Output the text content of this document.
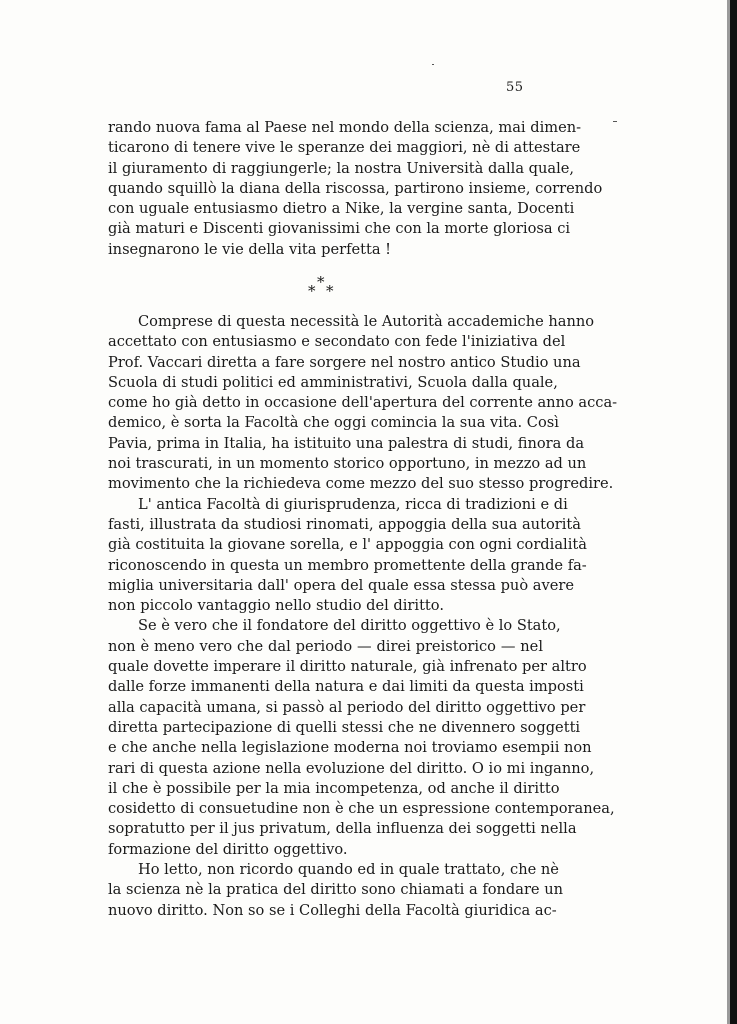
55
rando nuova fama al Paese nel mondo della scienza, mai dimen-
ticarono di tenere vive le speranze dei maggiori, nè di attestare
il giuramento di raggiungerle; la nostra Università dalla quale,
quando squillò la diana della riscossa, partirono insieme, correndo
con uguale entusiasmo dietro a Nike, la vergine santa, Docenti
già maturi e Discenti giovanissimi che con la morte gloriosa ci
insegnarono le vie della vita perfetta !
*
* *
Comprese di questa necessità le Autorità accademiche hanno
accettato con entusiasmo e secondato con fede l'iniziativa del
Prof. Vaccari diretta a fare sorgere nel nostro antico Studio una
Scuola di studi politici ed amministrativi, Scuola dalla quale,
come ho già detto in occasione dell'apertura del corrente anno acca-
demico, è sorta la Facoltà che oggi comincia la sua vita. Così
Pavia, prima in Italia, ha istituito una palestra di studi, finora da
noi trascurati, in un momento storico opportuno, in mezzo ad un
movimento che la richiedeva come mezzo del suo stesso progredire.
L' antica Facoltà di giurisprudenza, ricca di tradizioni e di
fasti, illustrata da studiosi rinomati, appoggia della sua autorità
già costituita la giovane sorella, e l' appoggia con ogni cordialità
riconoscendo in questa un membro promettente della grande fa-
miglia universitaria dall' opera del quale essa stessa può avere
non piccolo vantaggio nello studio del diritto.
Se è vero che il fondatore del diritto oggettivo è lo Stato,
non è meno vero che dal periodo — direi preistorico — nel
quale dovette imperare il diritto naturale, già infrenato per altro
dalle forze immanenti della natura e dai limiti da questa imposti
alla capacità umana, si passò al periodo del diritto oggettivo per
diretta partecipazione di quelli stessi che ne divennero soggetti
e che anche nella legislazione moderna noi troviamo esempii non
rari di questa azione nella evoluzione del diritto. O io mi inganno,
il che è possibile per la mia incompetenza, od anche il diritto
cosidetto di consuetudine non è che un espressione contemporanea,
sopratutto per il jus privatum, della influenza dei soggetti nella
formazione del diritto oggettivo.
Ho letto, non ricordo quando ed in quale trattato, che nè
la scienza nè la pratica del diritto sono chiamati a fondare un
nuovo diritto. Non so se i Colleghi della Facoltà giuridica ac-
